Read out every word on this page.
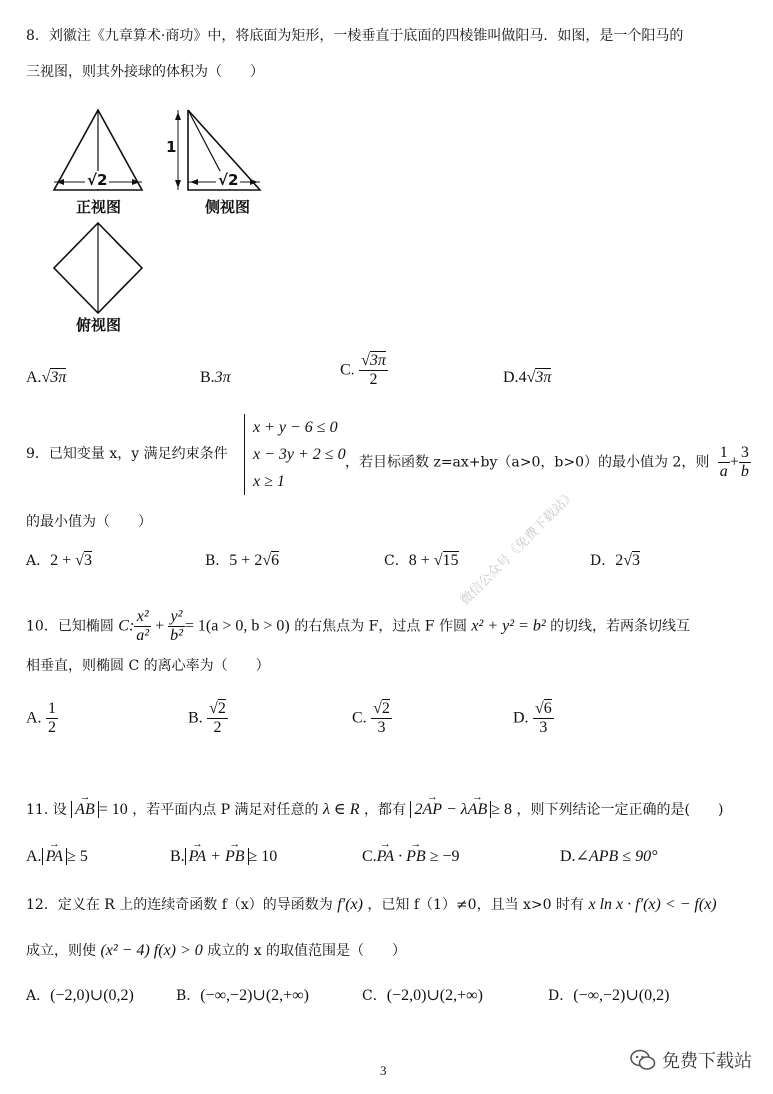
8．刘徽注《九章算术·商功》中，将底面为矩形，一棱垂直于底面的四棱锥叫做阳马．如图，是一个阳马的
三视图，则其外接球的体积为（　　）
√2	√2
1
正视图	侧视图
俯视图
A.√3π	B.3π	C. $\frac{√3\pi}{2}$	D.4√3π
9．已知变量 x，y 满足约束条件
x + y − 6 ≤ 0
x − 3y + 2 ≤ 0
x ≥ 1
，若目标函数 z=ax+by（a>0，b>0）的最小值为 2，则 $\frac{1}{a} + \frac{3}{b}$
的最小值为（　　）
A．2 + √3	B．5 + 2√6	C．8 + √15	D．2√3
10．已知椭圆 C: $\frac{\text{x²}}{\text{a²}} + \frac{\text{y²}}{\text{b²}} = 1(a > 0$, b > 0) 的右焦点为 F，过点 F 作圆 x² + y² = b² 的切线，若两条切线互
相垂直，则椭圆 C 的离心率为（　　）
A. $\frac{1}{2}$	B. $\frac{√2}{2}$	C. $\frac{√2}{3}$	D. $\frac{√6}{3}$
11. 设 → AB = 10 ，若平面内点 P 满足对任意的 λ ∈ R ，都有 2→ AP − λ→ AB ≥ 8 ，则下列结论一定正确的是(　　)
A. → PA ≥ 5	B. → PA + → PB ≥ 10	C.→ PA · → PB ≥ −9	D.∠APB ≤ 90°
12．定义在 R 上的连续奇函数 f（x）的导函数为 f′(x) ，已知 f（1）≠0，且当 x>0 时有 x ln x · f′(x) < − f(x)
成立，则使 (x² − 4) f(x) > 0 成立的 x 的取值范围是（　　）
A．(−2,0)∪(0,2)	B．(−∞,−2)∪(2,+∞)	C．(−2,0)∪(2,+∞)	D．(−∞,−2)∪(0,2)
微信公众号《免费下载站》
3	免费下载站
